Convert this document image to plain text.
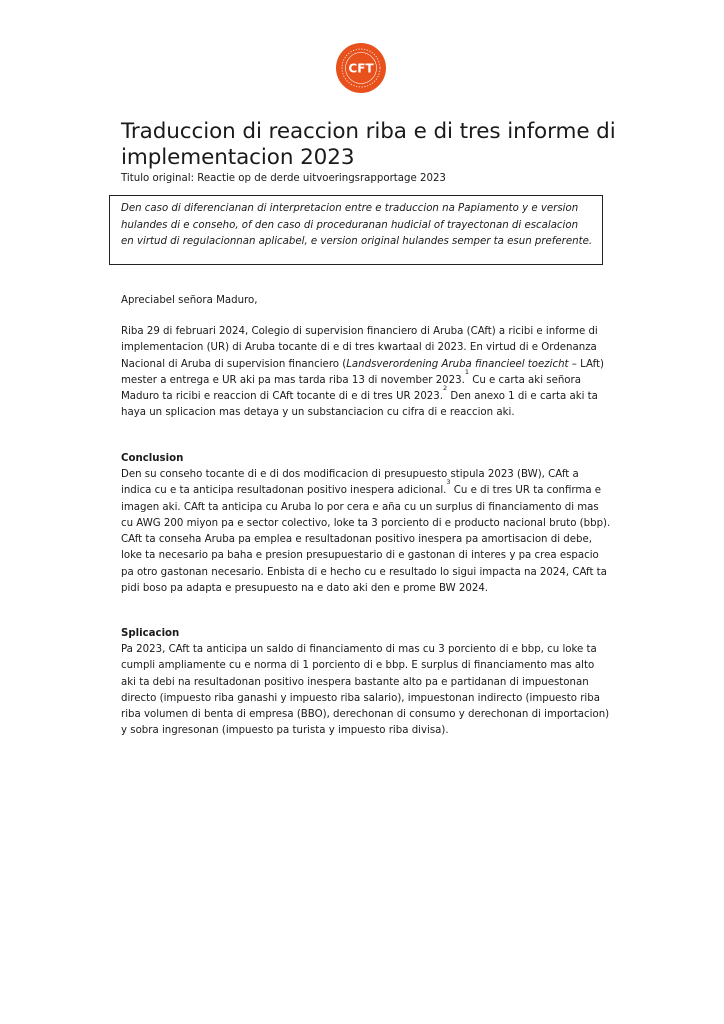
CFT
Traduccion di reaccion riba e di tres informe di implementacion 2023
Titulo original: Reactie op de derde uitvoeringsrapportage 2023
Den caso di diferencianan di interpretacion entre e traduccion na Papiamento y e version hulandes di e conseho, of den caso di proceduranan hudicial of trayectonan di escalacion en virtud di regulacionnan aplicabel, e version original hulandes semper ta esun preferente.

Apreciabel señora Maduro,

Riba 29 di februari 2024, Colegio di supervision financiero di Aruba (CAft) a ricibi e informe di implementacion (UR) di Aruba tocante di e di tres kwartaal di 2023. En virtud di e Ordenanza Nacional di Aruba di supervision financiero (Landsverordening Aruba financieel toezicht – LAft) mester a entrega e UR aki pa mas tarda riba 13 di november 2023.$^1$ Cu e carta aki señora Maduro ta ricibi e reaccion di CAft tocante di e di tres UR 2023.$^2$ Den anexo 1 di e carta aki ta haya un splicacion mas detaya y un substanciacion cu cifra di e reaccion aki.

Conclusion

Den su conseho tocante di e di dos modificacion di presupuesto stipula 2023 (BW), CAft a indica cu e ta anticipa resultadonan positivo inespera adicional.$^3$ Cu e di tres UR ta confirma e imagen aki. CAft ta anticipa cu Aruba lo por cera e aña cu un surplus di financiamento di mas cu AWG 200 miyon pa e sector colectivo, loke ta 3 porciento di e producto nacional bruto (bbp). CAft ta conseha Aruba pa emplea e resultadonan positivo inespera pa amortisacion di debe, loke ta necesario pa baha e presion presupuestario di e gastonan di interes y pa crea espacio pa otro gastonan necesario. Enbista di e hecho cu e resultado lo sigui impacta na 2024, CAft ta pidi boso pa adapta e presupuesto na e dato aki den e prome BW 2024.

Splicacion

Pa 2023, CAft ta anticipa un saldo di financiamento di mas cu 3 porciento di e bbp, cu loke ta cumpli ampliamente cu e norma di 1 porciento di e bbp. E surplus di financiamento mas alto aki ta debi na resultadonan positivo inespera bastante alto pa e partidanan di impuestonan directo (impuesto riba ganashi y impuesto riba salario), impuestonan indirecto (impuesto riba riba volumen di benta di empresa (BBO), derechonan di consumo y derechonan di importacion) y sobra ingresonan (impuesto pa turista y impuesto riba divisa).
